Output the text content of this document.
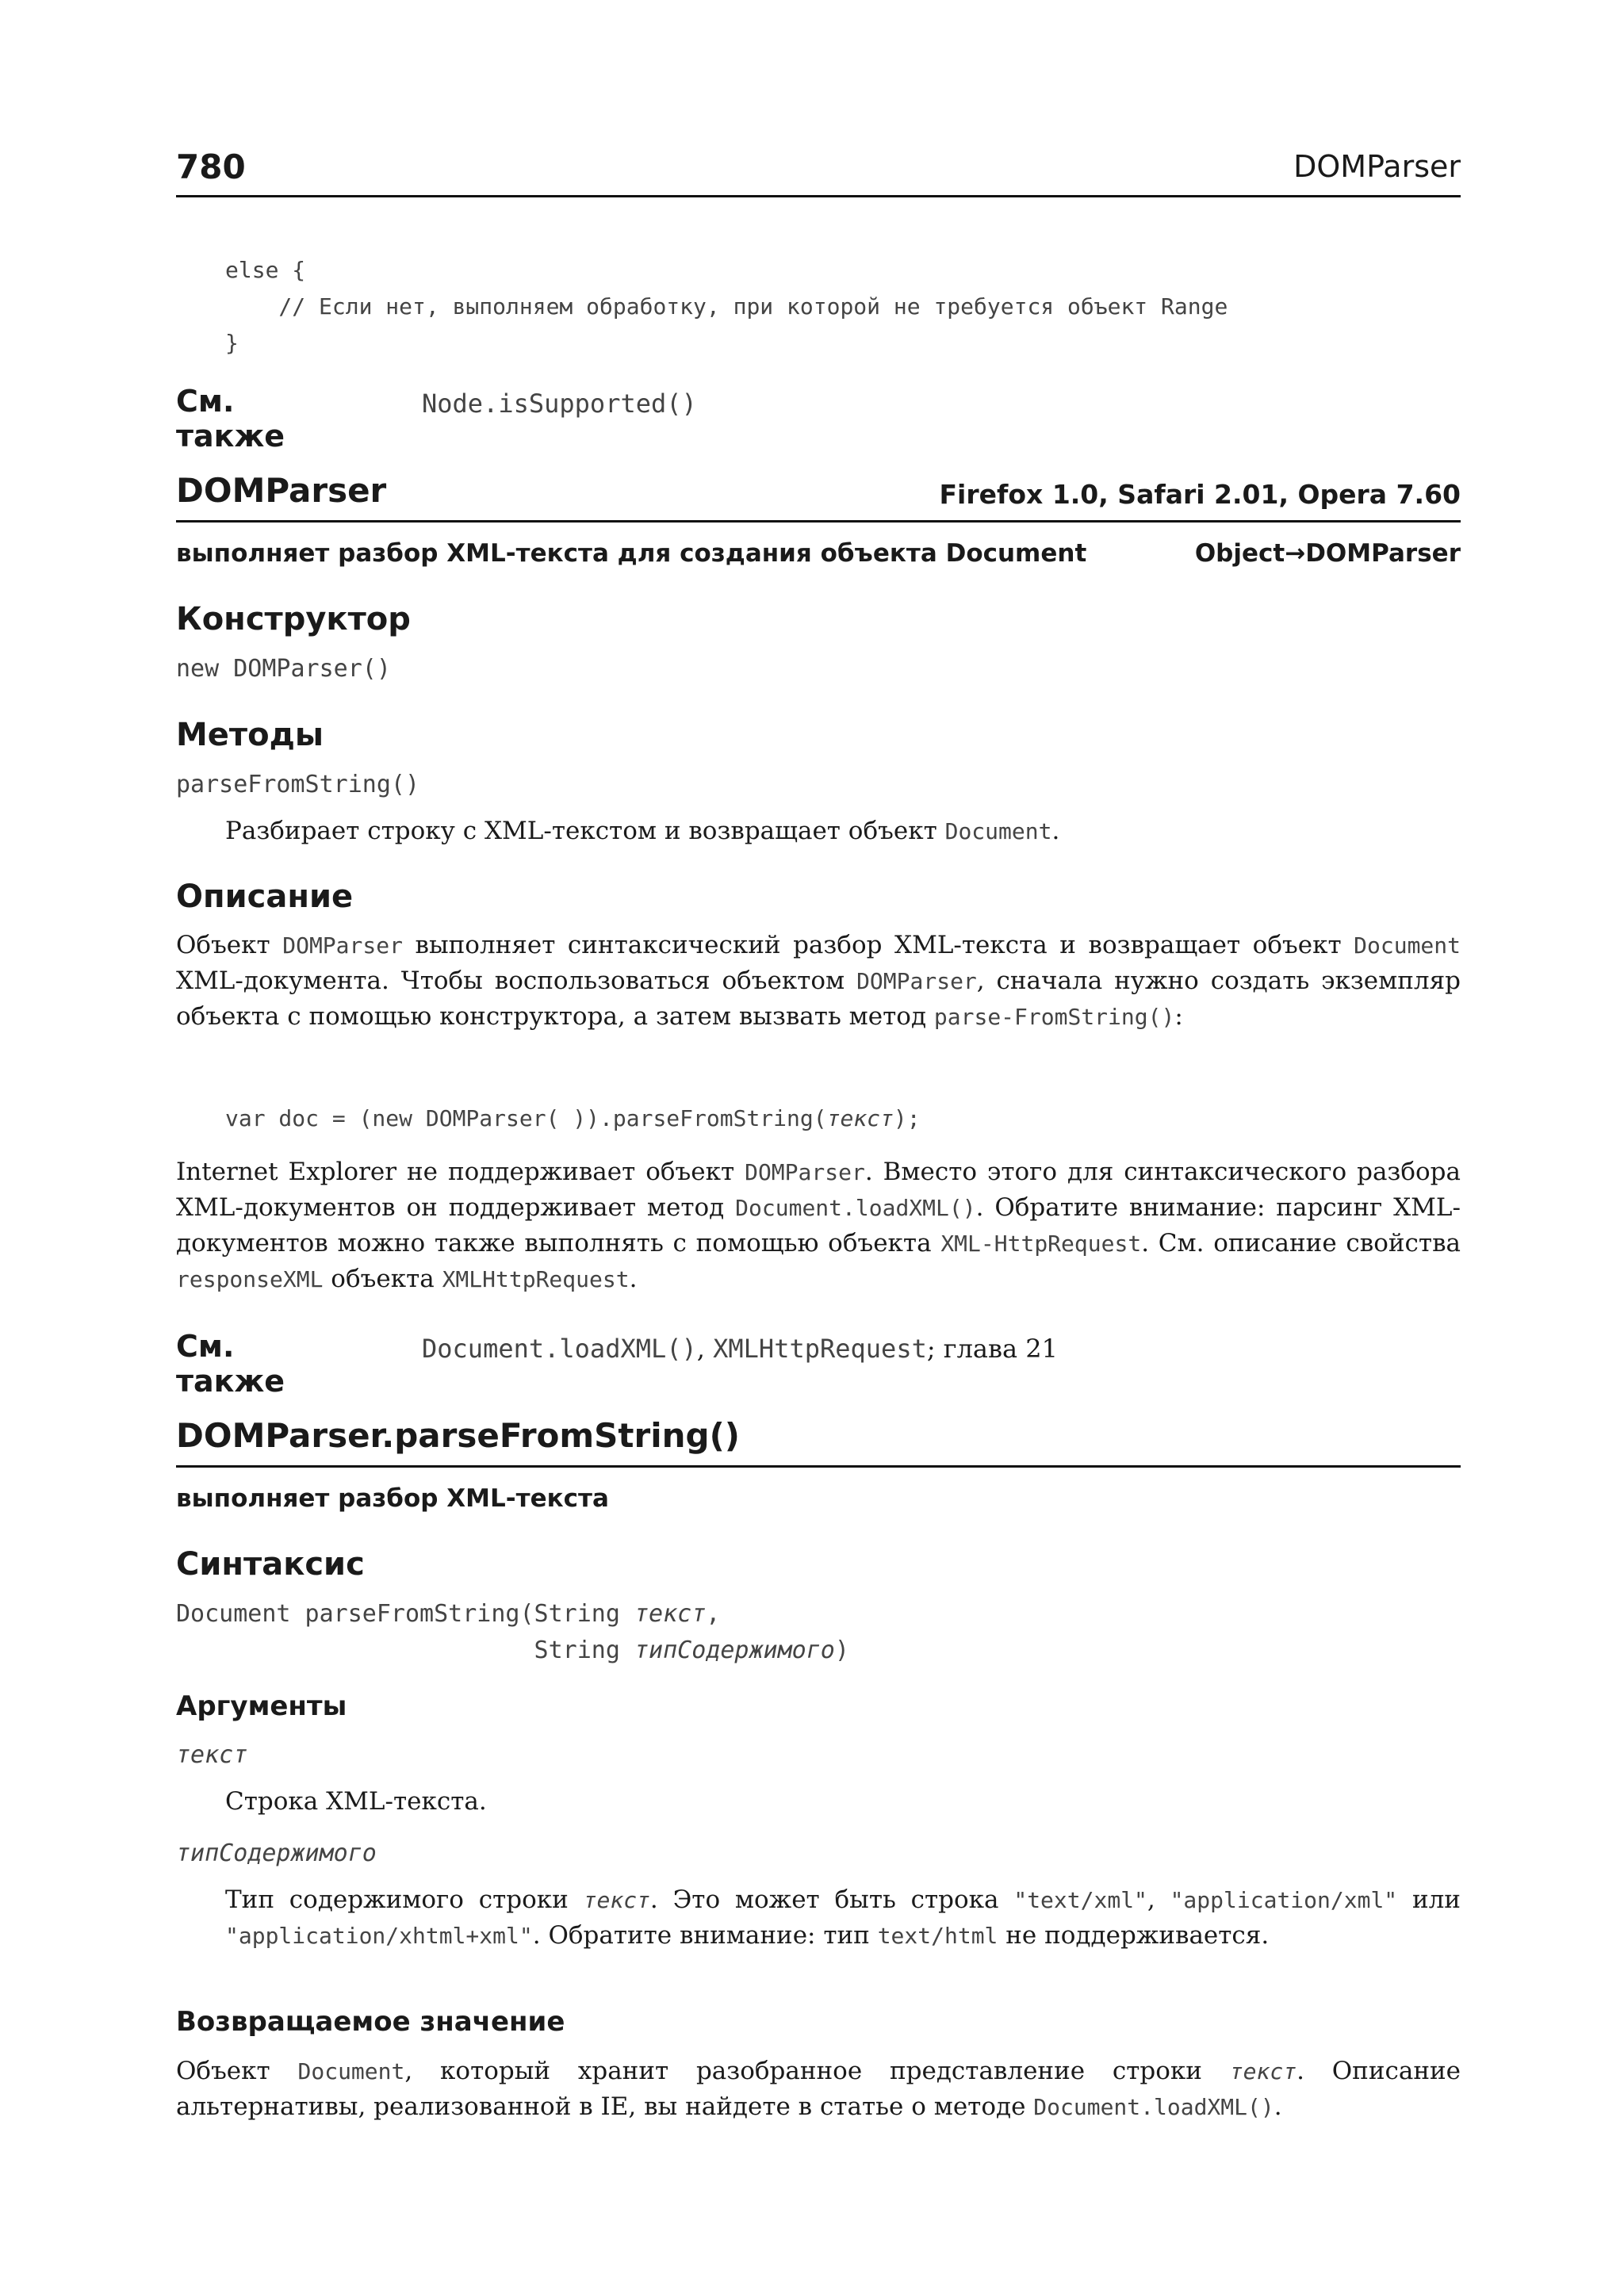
780	DOMParser
else {
// Если нет, выполняем обработку, при которой не требуется объект Range
}
См. также
Node.isSupported()
DOMParser	Firefox 1.0, Safari 2.01, Opera 7.60
выполняет разбор XML-текста для создания объекта Document	Object→DOMParser
Конструктор
new DOMParser()
Методы
parseFromString()
Разбирает строку с XML-текстом и возвращает объект Document.
Описание
Объект DOMParser выполняет синтаксический разбор XML-текста и возвращает объект Document XML-документа. Чтобы воспользоваться объектом DOMParser, сначала нужно создать экземпляр объекта с помощью конструктора, а затем вызвать метод parse-FromString():
var doc = (new DOMParser( )).parseFromString(текст);
Internet Explorer не поддерживает объект DOMParser. Вместо этого для синтаксического разбора XML-документов он поддерживает метод Document.loadXML(). Обратите внимание: парсинг XML-документов можно также выполнять с помощью объекта XML-HttpRequest. См. описание свойства responseXML объекта XMLHttpRequest.
См. также
Document.loadXML(), XMLHttpRequest; глава 21
DOMParser.parseFromString()
выполняет разбор XML-текста
Синтаксис
Document parseFromString(String текст,
String типСодержимого)
Аргументы
текст
Строка XML-текста.
типСодержимого
Тип содержимого строки текст. Это может быть строка "text/xml", "application/xml" или "application/xhtml+xml". Обратите внимание: тип text/html не поддерживается.
Возвращаемое значение
Объект Document, который хранит разобранное представление строки текст. Описание альтернативы, реализованной в IE, вы найдете в статье о методе Document.loadXML().
